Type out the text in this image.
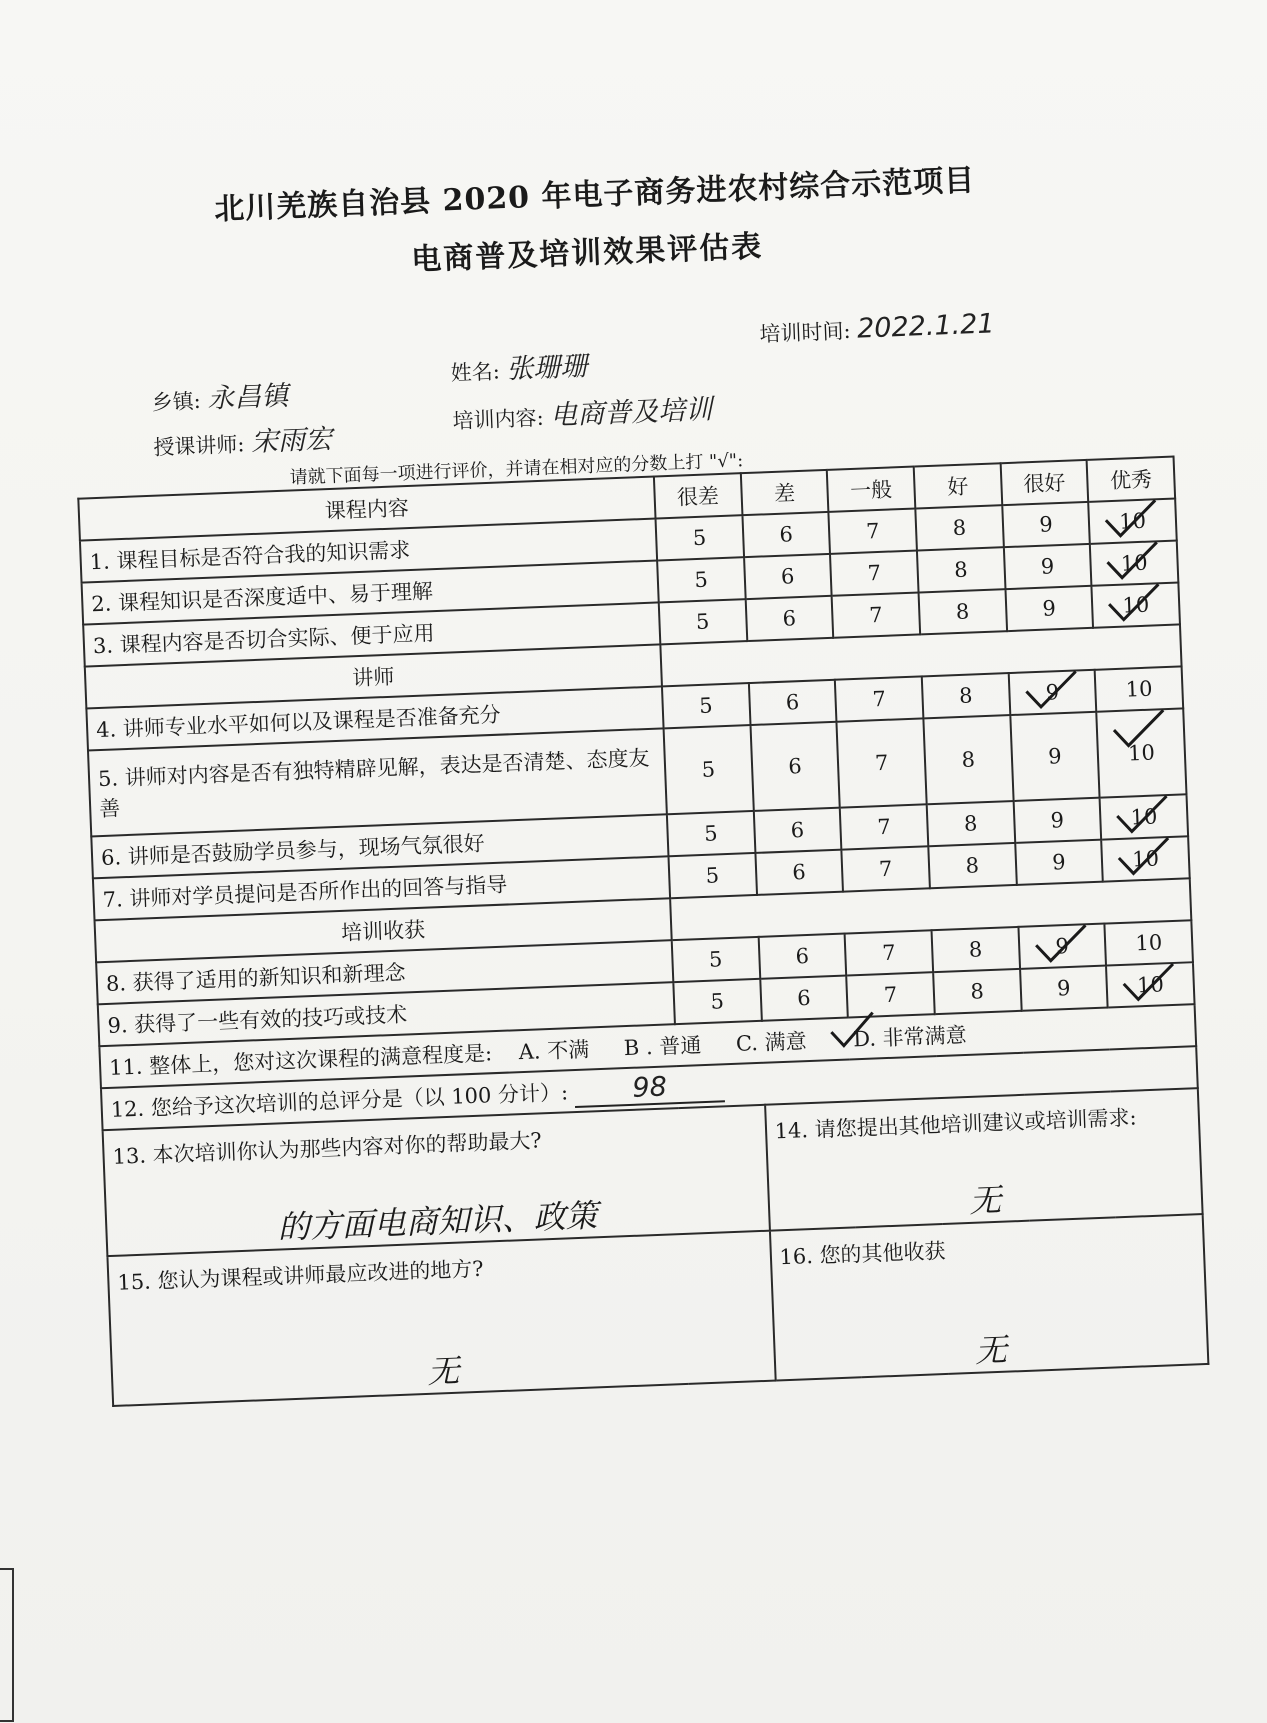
北川羌族自治县 2020 年电子商务进农村综合示范项目
电商普及培训效果评估表
乡镇: 永昌镇
授课讲师: 宋雨宏
姓名: 张珊珊
培训内容: 电商普及培训
培训时间: 2022.1.21
请就下面每一项进行评价，并请在相对应的分数上打 "√":
课程内容	很差	差	一般	好	很好	优秀
1. 课程目标是否符合我的知识需求	5	6	7	8	9	10

2. 课程知识是否深度适中、易于理解	5	6	7	8	9	10

3. 课程内容是否切合实际、便于应用	5	6	7	8	9	10

讲师						
4. 讲师专业水平如何以及课程是否准备充分	5	6	7	8	9	10
5. 讲师对内容是否有独特精辟见解，表达是否清楚、态度友善	5	6	7	8	9	10

6. 讲师是否鼓励学员参与，现场气氛很好	5	6	7	8	9	10

7. 讲师对学员提问是否所作出的回答与指导	5	6	7	8	9	10

培训收获						
8. 获得了适用的新知识和新理念	5	6	7	8	9	10
9. 获得了一些有效的技巧或技术	5	6	7	8	9	10

11. 整体上，您对这次课程的满意程度是: A. 不满 B . 普通 C. 满意 D. 非常满意						
12. 您给予这次培训的总评分是（以 100 分计）: 98						
13. 本次培训你认为那些内容对你的帮助最大?
的方面电商知识、政策		14. 请您提出其他培训建议或培训需求:
无				

15. 您认为课程或讲师最应改进的地方?
无		16. 您的其他收获
无				
